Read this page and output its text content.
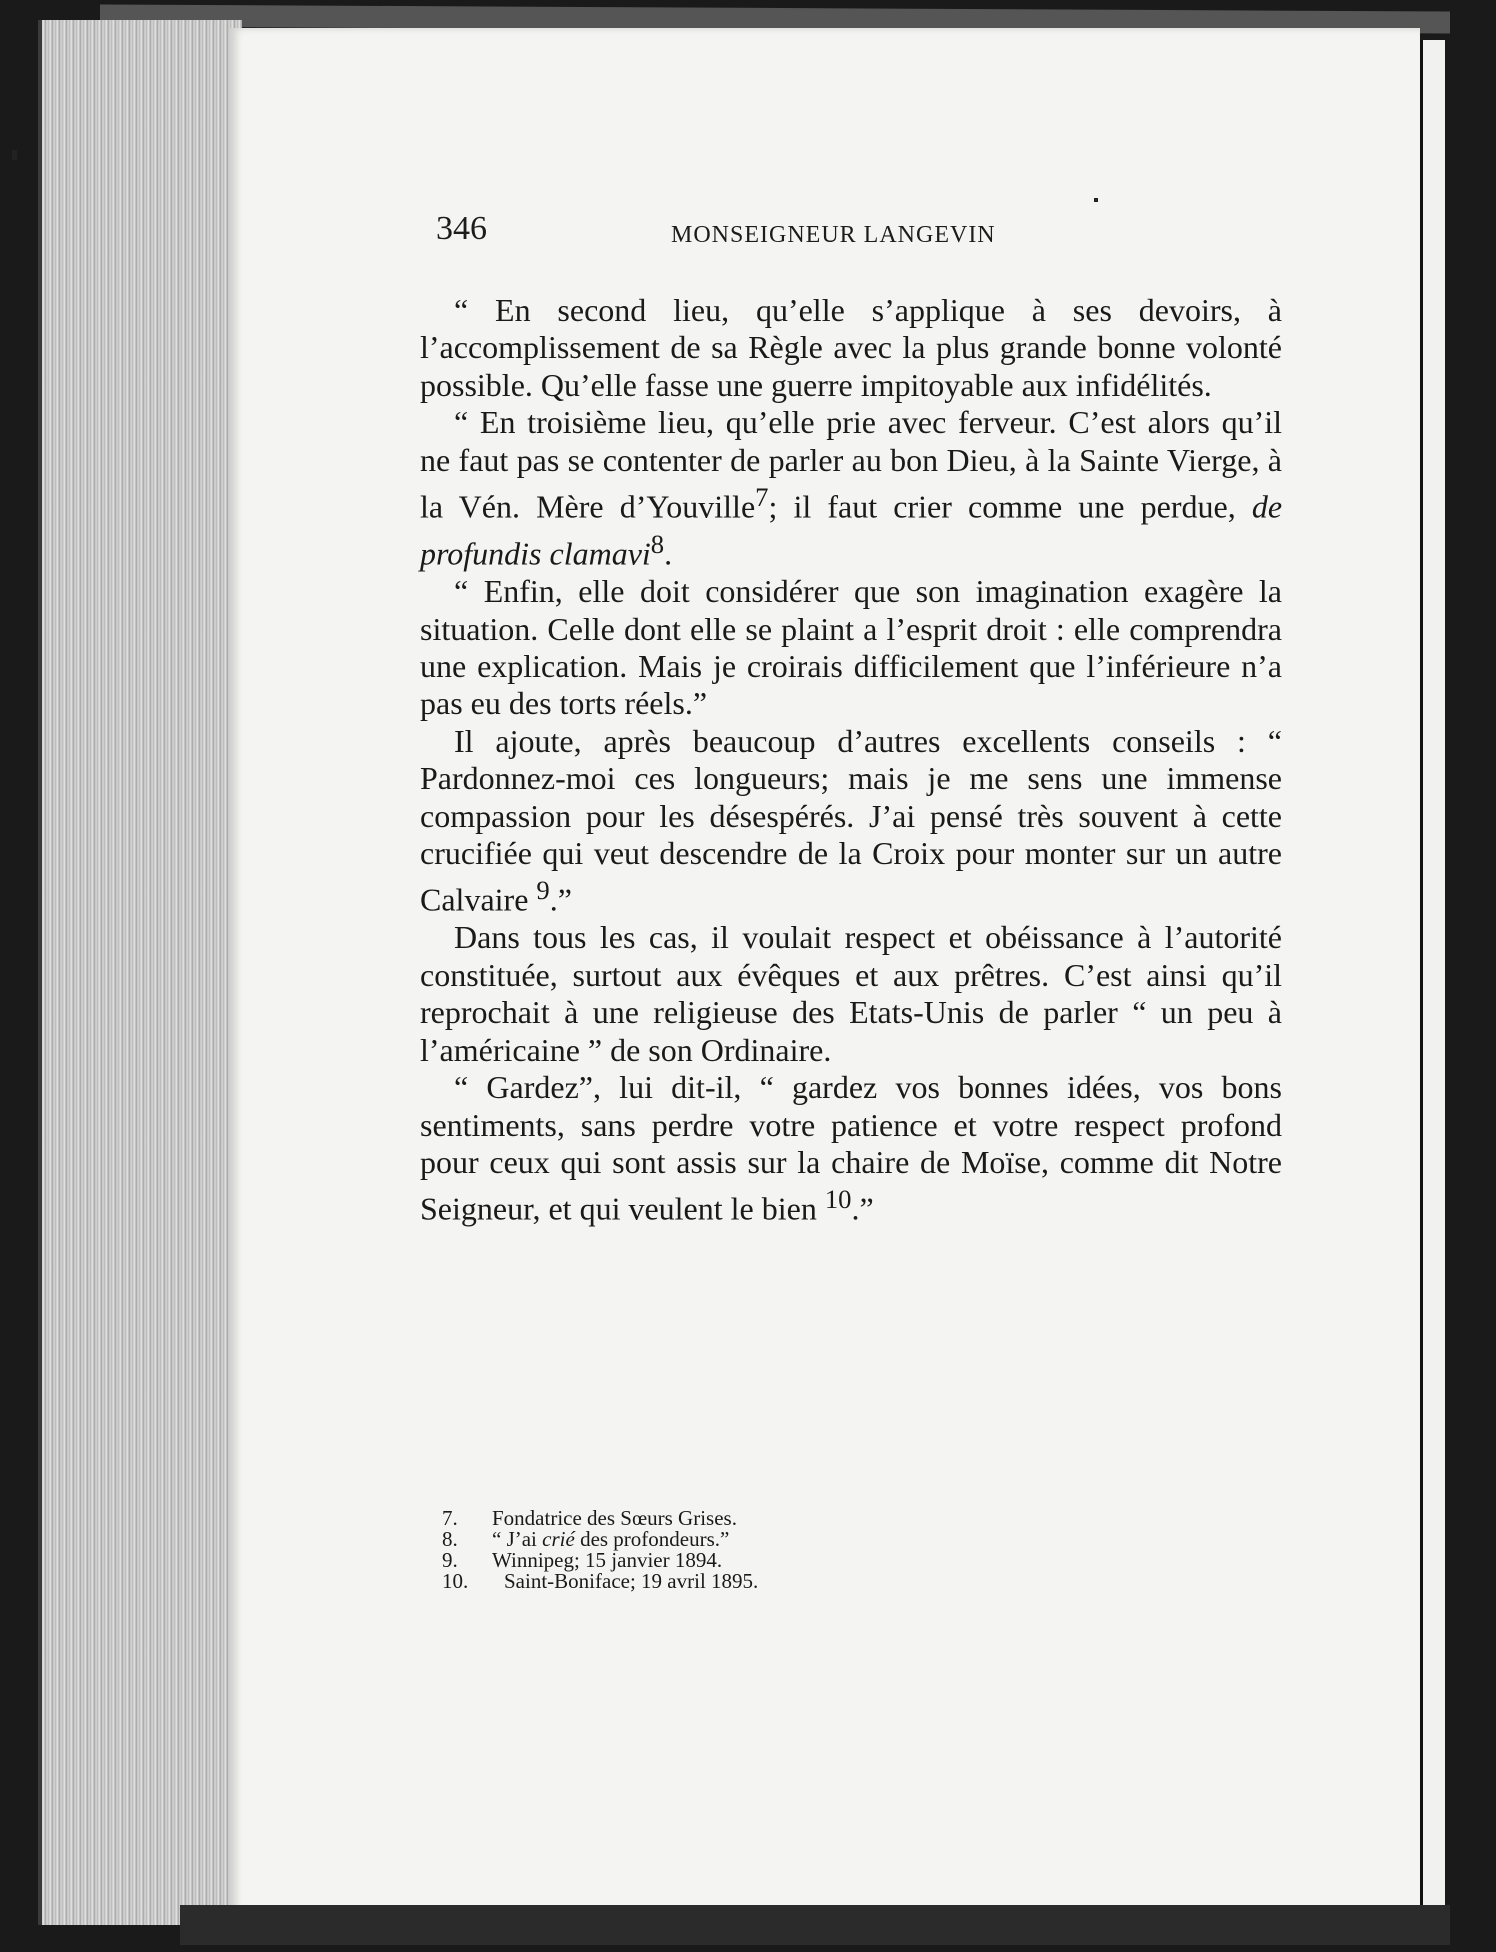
346	MONSEIGNEUR LANGEVIN

“ En second lieu, qu’elle s’applique à ses devoirs, à l’accomplissement de sa Règle avec la plus grande bonne volonté possible. Qu’elle fasse une guerre impitoyable aux infidélités.

“ En troisième lieu, qu’elle prie avec ferveur. C’est alors qu’il ne faut pas se contenter de parler au bon Dieu, à la Sainte Vierge, à la Vén. Mère d’Youville$^7$; il faut crier comme une perdue, de profundis clamavi$^8$.

“ Enfin, elle doit considérer que son imagination exagère la situation. Celle dont elle se plaint a l’esprit droit : elle comprendra une explication. Mais je croirais difficilement que l’inférieure n’a pas eu des torts réels.”

Il ajoute, après beaucoup d’autres excellents conseils : “ Pardonnez-moi ces longueurs; mais je me sens une immense compassion pour les désespérés. J’ai pensé très souvent à cette crucifiée qui veut descendre de la Croix pour monter sur un autre Calvaire $^9$.”

Dans tous les cas, il voulait respect et obéissance à l’autorité constituée, surtout aux évêques et aux prêtres. C’est ainsi qu’il reprochait à une religieuse des Etats-Unis de parler “ un peu à l’américaine ” de son Ordinaire.

“ Gardez”, lui dit-il, “ gardez vos bonnes idées, vos bons sentiments, sans perdre votre patience et votre respect profond pour ceux qui sont assis sur la chaire de Moïse, comme dit Notre Seigneur, et qui veulent le bien $^{10}$.”

7.	Fondatrice des Sœurs Grises.
8.	“ J’ai crié des profondeurs.”
9.	Winnipeg; 15 janvier 1894.
10.	Saint-Boniface; 19 avril 1895.
